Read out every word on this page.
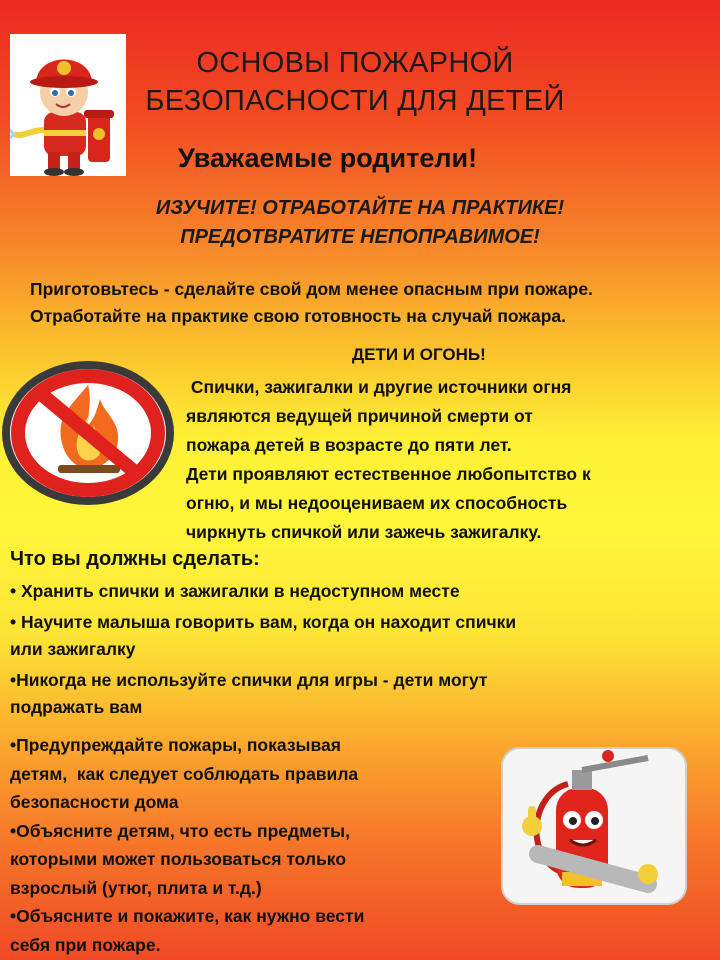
ОСНОВЫ ПОЖАРНОЙ
БЕЗОПАСНОСТИ ДЛЯ ДЕТЕЙ
Уважаемые родители!
ИЗУЧИТЕ! ОТРАБОТАЙТЕ НА ПРАКТИКЕ!
ПРЕДОТВРАТИТЕ НЕПОПРАВИМОЕ!
Приготовьтесь - сделайте свой дом менее опасным при пожаре.
Отработайте на практике свою готовность на случай пожара.
ДЕТИ И ОГОНЬ!
Спички, зажигалки и другие источники огня
являются ведущей причиной смерти от
пожара детей в возрасте до пяти лет.
Дети проявляют естественное любопытство к
огню, и мы недооцениваем их способность
чиркнуть спичкой или зажечь зажигалку.
Что вы должны сделать:
• Хранить спички и зажигалки в недоступном месте
• Научите малыша говорить вам, когда он находит спички
или зажигалку
•Никогда не используйте спички для игры - дети могут
подражать вам
•Предупреждайте пожары, показывая
детям,  как следует соблюдать правила
безопасности дома
•Объясните детям, что есть предметы,
которыми может пользоваться только
взрослый (утюг, плита и т.д.)
•Объясните и покажите, как нужно вести
себя при пожаре.
